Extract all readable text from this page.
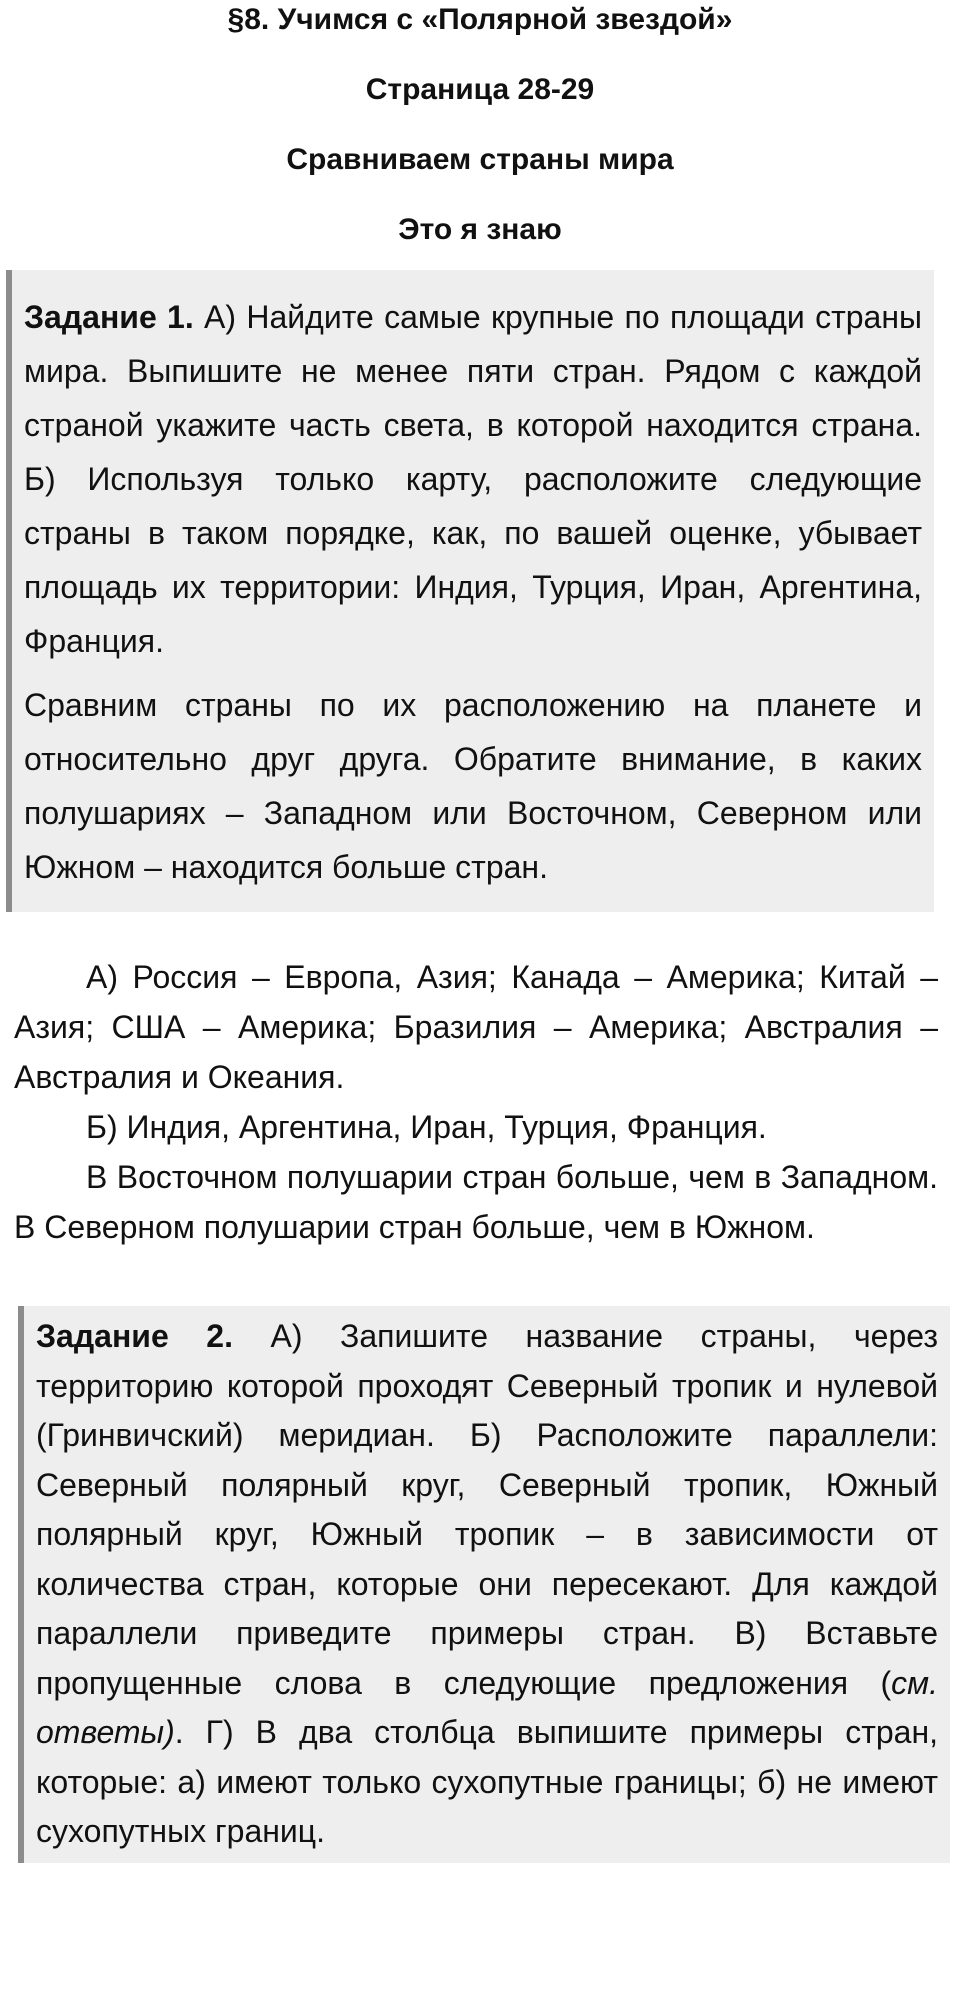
§8. Учимся с «Полярной звездой»
Страница 28-29
Сравниваем страны мира
Это я знаю

Задание 1. А) Найдите самые крупные по площади страны мира. Выпишите не менее пяти стран. Рядом с каждой страной укажите часть света, в которой находится страна. Б) Используя только карту, расположите следующие страны в таком порядке, как, по вашей оценке, убывает площадь их территории: Индия, Турция, Иран, Аргентина, Франция.

Сравним страны по их расположению на планете и относительно друг друга. Обратите внимание, в каких полушариях – Западном или Восточном, Северном или Южном – находится больше стран.

А) Россия – Европа, Азия; Канада – Америка; Китай – Азия; США – Америка; Бразилия – Америка; Австралия – Австралия и Океания.

Б) Индия, Аргентина, Иран, Турция, Франция.

В Восточном полушарии стран больше, чем в Западном. В Северном полушарии стран больше, чем в Южном.

Задание 2. А) Запишите название страны, через территорию которой проходят Северный тропик и нулевой (Гринвичский) меридиан. Б) Расположите параллели: Северный полярный круг, Северный тропик, Южный полярный круг, Южный тропик – в зависимости от количества стран, которые они пересекают. Для каждой параллели приведите примеры стран. В) Вставьте пропущенные слова в следующие предложения (см. ответы). Г) В два столбца выпишите примеры стран, которые: а) имеют только сухопутные границы; б) не имеют сухопутных границ.
